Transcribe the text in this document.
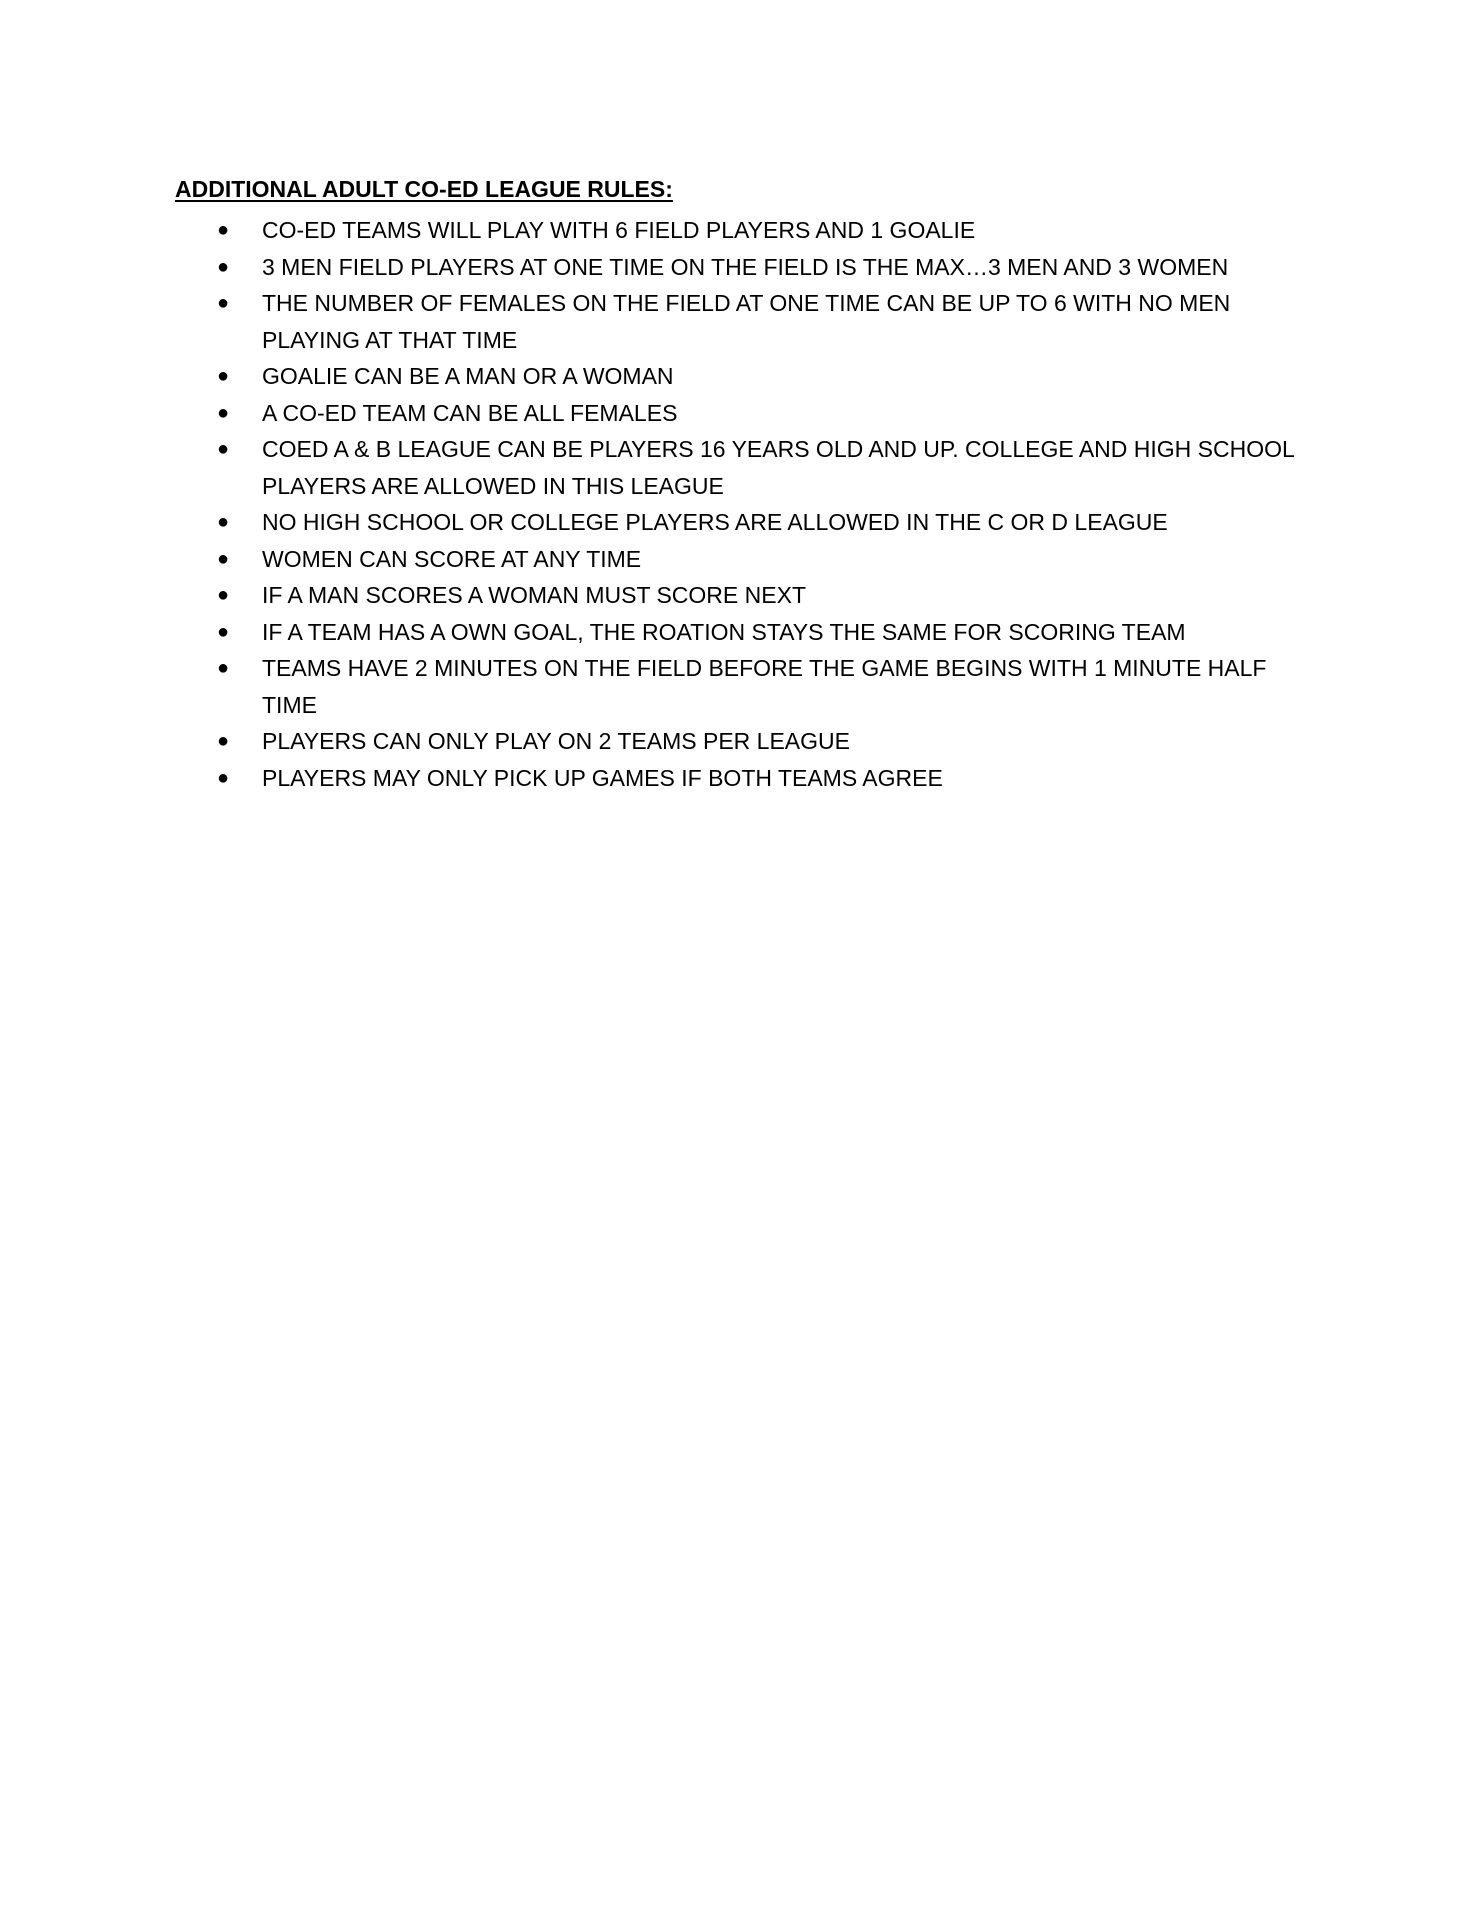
ADDITIONAL ADULT CO-ED LEAGUE RULES:
● CO-ED TEAMS WILL PLAY WITH 6 FIELD PLAYERS AND 1 GOALIE
● 3 MEN FIELD PLAYERS AT ONE TIME ON THE FIELD IS THE MAX…3 MEN AND 3 WOMEN
● THE NUMBER OF FEMALES ON THE FIELD AT ONE TIME CAN BE UP TO 6 WITH NO MEN PLAYING AT THAT TIME
● GOALIE CAN BE A MAN OR A WOMAN
● A CO-ED TEAM CAN BE ALL FEMALES
● COED A & B LEAGUE CAN BE PLAYERS 16 YEARS OLD AND UP. COLLEGE AND HIGH SCHOOL PLAYERS ARE ALLOWED IN THIS LEAGUE
● NO HIGH SCHOOL OR COLLEGE PLAYERS ARE ALLOWED IN THE C OR D LEAGUE
● WOMEN CAN SCORE AT ANY TIME
● IF A MAN SCORES A WOMAN MUST SCORE NEXT
● IF A TEAM HAS A OWN GOAL, THE ROATION STAYS THE SAME FOR SCORING TEAM
● TEAMS HAVE 2 MINUTES ON THE FIELD BEFORE THE GAME BEGINS WITH 1 MINUTE HALF TIME
● PLAYERS CAN ONLY PLAY ON 2 TEAMS PER LEAGUE
● PLAYERS MAY ONLY PICK UP GAMES IF BOTH TEAMS AGREE
